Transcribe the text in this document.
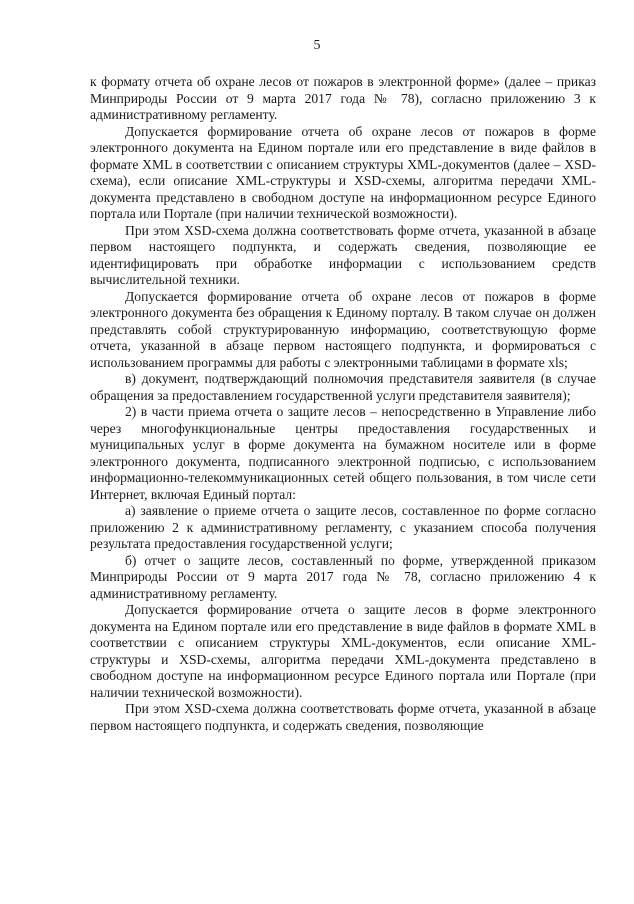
5

к формату отчета об охране лесов от пожаров в электронной форме» (далее – приказ Минприроды России от 9 марта 2017 года № 78), согласно приложению 3 к административному регламенту.

Допускается формирование отчета об охране лесов от пожаров в форме электронного документа на Едином портале или его представление в виде файлов в формате XML в соответствии с описанием структуры XML-документов (далее – XSD-схема), если описание XML-структуры и XSD-схемы, алгоритма передачи XML-документа представлено в свободном доступе на информационном ресурсе Единого портала или Портале (при наличии технической возможности).

При этом XSD-схема должна соответствовать форме отчета, указанной в абзаце первом настоящего подпункта, и содержать сведения, позволяющие ее идентифицировать при обработке информации с использованием средств вычислительной техники.

Допускается формирование отчета об охране лесов от пожаров в форме электронного документа без обращения к Единому порталу. В таком случае он должен представлять собой структурированную информацию, соответствующую форме отчета, указанной в абзаце первом настоящего подпункта, и формироваться с использованием программы для работы с электронными таблицами в формате xls;

в) документ, подтверждающий полномочия представителя заявителя (в случае обращения за предоставлением государственной услуги представителя заявителя);

2) в части приема отчета о защите лесов – непосредственно в Управление либо через многофункциональные центры предоставления государственных и муниципальных услуг в форме документа на бумажном носителе или в форме электронного документа, подписанного электронной подписью, с использованием информационно-телекоммуникационных сетей общего пользования, в том числе сети Интернет, включая Единый портал:

а) заявление о приеме отчета о защите лесов, составленное по форме согласно приложению 2 к административному регламенту, с указанием способа получения результата предоставления государственной услуги;

б) отчет о защите лесов, составленный по форме, утвержденной приказом Минприроды России от 9 марта 2017 года № 78, согласно приложению 4 к административному регламенту.

Допускается формирование отчета о защите лесов в форме электронного документа на Едином портале или его представление в виде файлов в формате XML в соответствии с описанием структуры XML-документов, если описание XML-структуры и XSD-схемы, алгоритма передачи XML-документа представлено в свободном доступе на информационном ресурсе Единого портала или Портале (при наличии технической возможности).

При этом XSD-схема должна соответствовать форме отчета, указанной в абзаце первом настоящего подпункта, и содержать сведения, позволяющие
